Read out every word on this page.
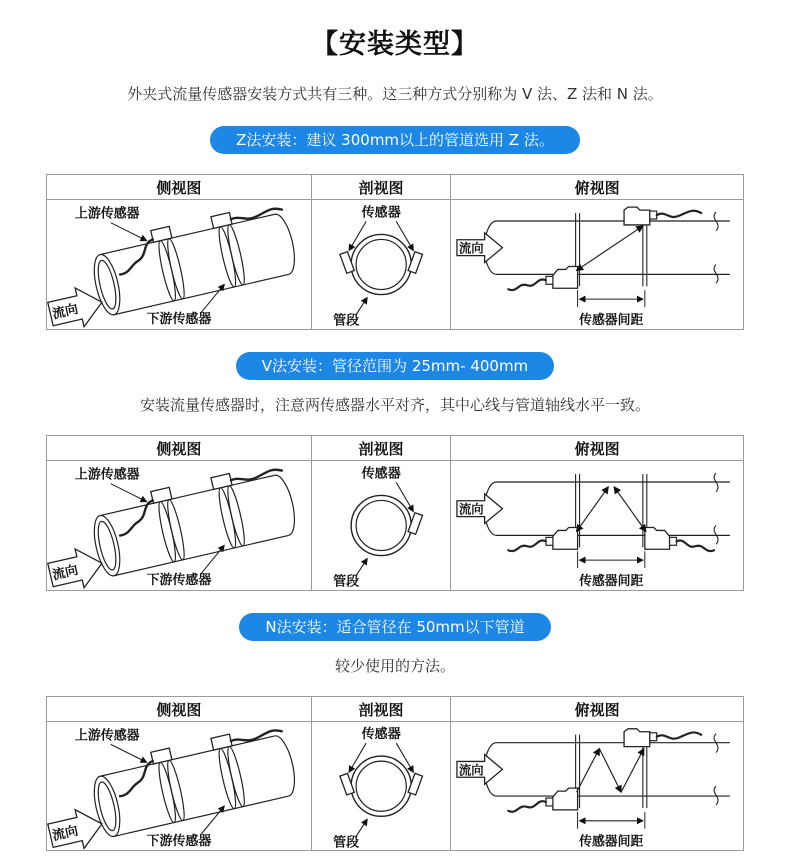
【安装类型】

外夹式流量传感器安装方式共有三种。这三种方式分别称为 V 法、Z 法和 N 法。

Z法安装：建议 300mm以上的管道选用 Z 法。
侧视图	剖视图	俯视图

流向
上游传感器
下游传感器	传感器
管段	流向
传感器间距
V法安装：管径范围为 25mm- 400mm

安装流量传感器时，注意两传感器水平对齐，其中心线与管道轴线水平一致。

侧视图	剖视图	俯视图

流向
上游传感器
下游传感器	传感器
管段	流向
传感器间距
N法安装：适合管径在 50mm以下管道

较少使用的方法。

侧视图	剖视图	俯视图

流向
上游传感器
下游传感器	传感器
管段	流向
传感器间距
